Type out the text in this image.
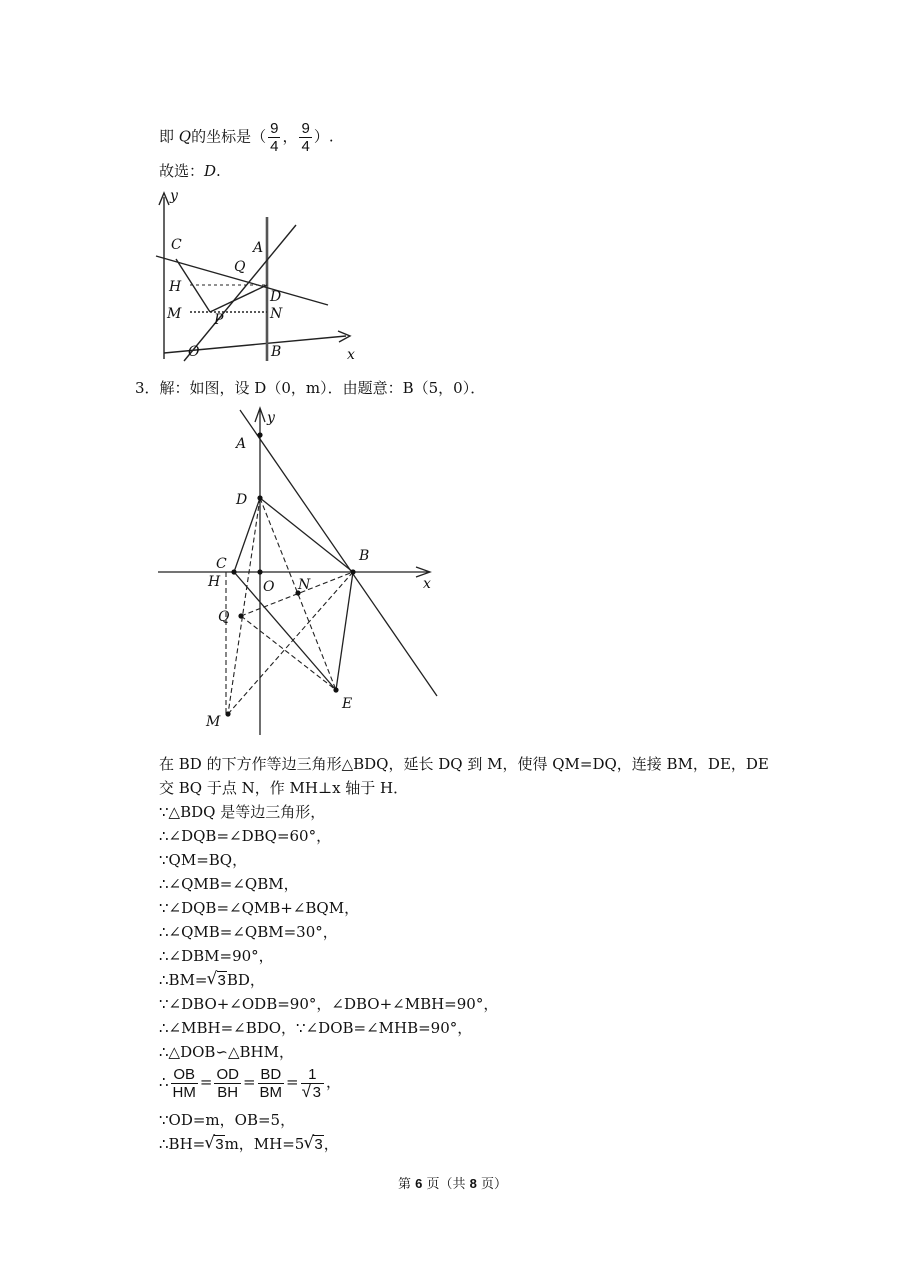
即 Q的坐标是（ $\frac{9}{4}$ ， $\frac{9}{4}$ ）.
故选：D.
y
x
C	A
Q
H
D
M P	N
O	B
3．解：如图，设 D（0，m）．由题意：B（5，0）．
y
A
D
C
H	O N
B
x
Q
E
M
在 BD 的下方作等边三角形△BDQ，延长 DQ 到 M，使得 QM=DQ，连接 BM，DE，DE
交 BQ 于点 N，作 MH⊥x 轴于 H．
∵△BDQ 是等边三角形，
∴∠DQB=∠DBQ=60°，
∵QM=BQ，
∴∠QMB=∠QBM，
∵∠DQB=∠QMB+∠BQM，
∴∠QMB=∠QBM=30°，
∴∠DBM=90°，
∴BM= √ 3BD，
∵∠DBO+∠ODB=90°，∠DBO+∠MBH=90°，
∴∠MBH=∠BDO，∵∠DOB=∠MHB=90°，
∴△DOB∽△BHM，
∴ $\frac{OB}{HM} = \frac{OD}{BH} = \frac{BD}{BM} = 1$
√ 3 ，
∵OD=m，OB=5，
∴BH= √ 3m，MH=5 √ 3，
第 6 页（共 8 页）
